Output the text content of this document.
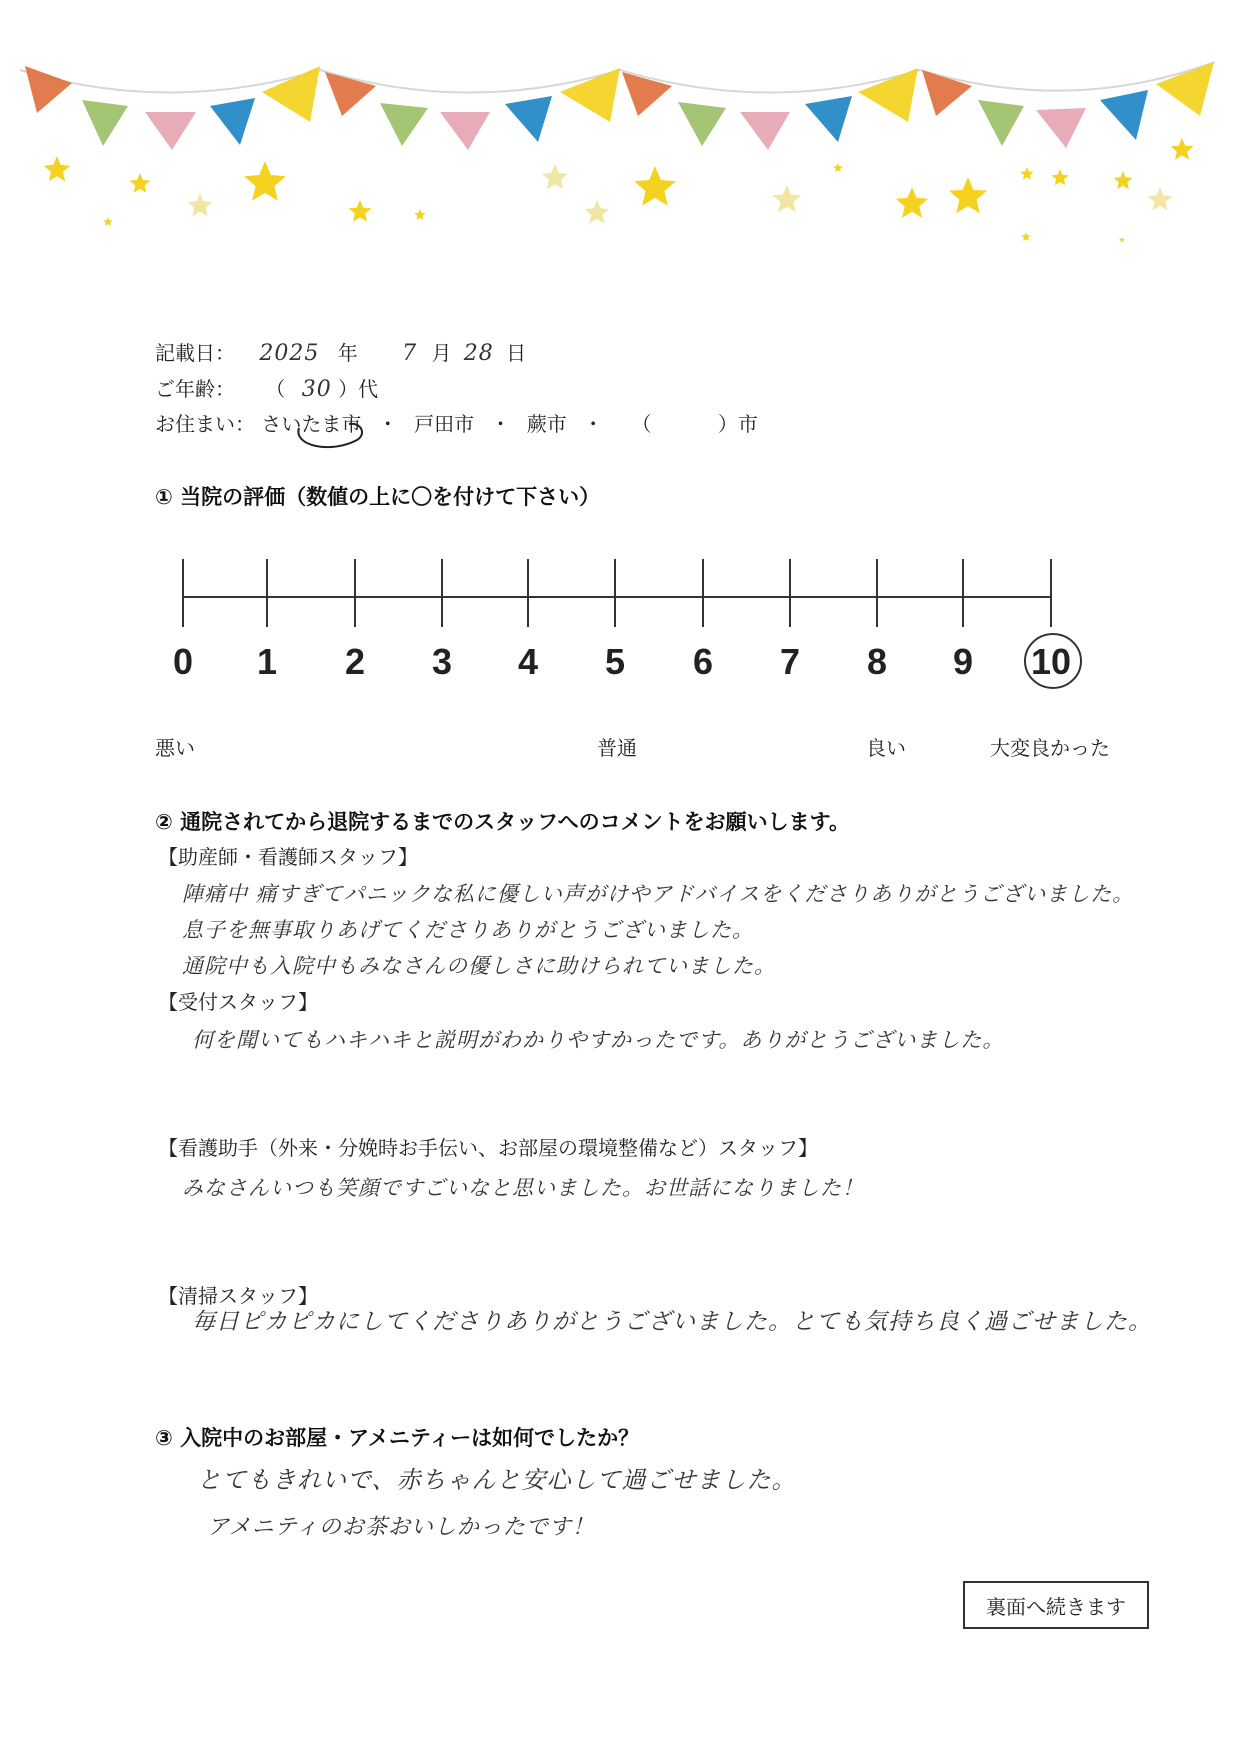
記載日： 2025 年 7 月 28 日
ご年齢： （ 30 ）代
お住まい： さいたま市 ・ 戸田市 ・ 蕨市 ・ （	）市
① 当院の評価（数値の上に〇を付けて下さい）
0 1 2 3 4 5 6 7 8 9 10
悪い	普通	良い	大変良かった
② 通院されてから退院するまでのスタッフへのコメントをお願いします。
【助産師・看護師スタッフ】
陣痛中 痛すぎてパニックな私に優しい声がけやアドバイスをくださりありがとうございました。
息子を無事取りあげてくださりありがとうございました。
通院中も入院中もみなさんの優しさに助けられていました。
【受付スタッフ】
何を聞いてもハキハキと説明がわかりやすかったです。ありがとうございました。
【看護助手（外来・分娩時お手伝い、お部屋の環境整備など）スタッフ】
みなさんいつも笑顔ですごいなと思いました。お世話になりました！
【清掃スタッフ】
毎日ピカピカにしてくださりありがとうございました。とても気持ち良く過ごせました。
③ 入院中のお部屋・アメニティーは如何でしたか？
とてもきれいで、赤ちゃんと安心して過ごせました。
アメニティのお茶おいしかったです！
裏面へ続きます
